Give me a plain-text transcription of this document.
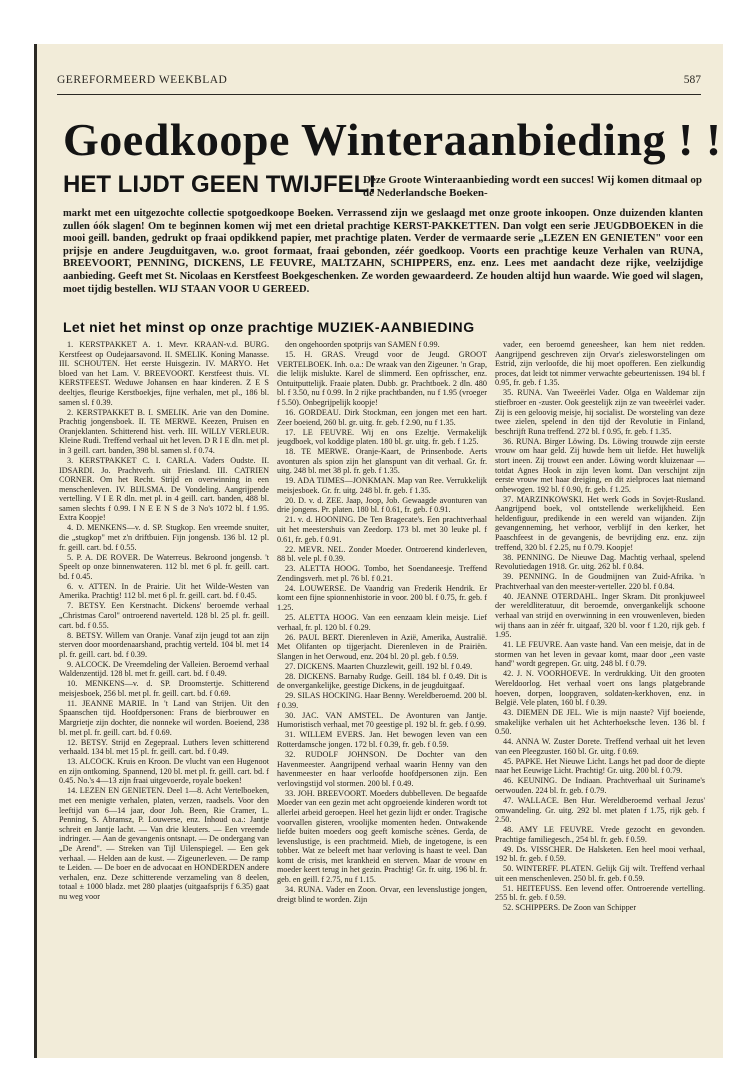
GEREFORMEERD WEEKBLAD	587
Goedkoope Winteraanbieding ! !
HET LIJDT GEEN TWIJFEL!
Deze Groote Winteraanbieding wordt een succes! Wij komen ditmaal op de Nederlandsche Boeken-

markt met een uitgezochte collectie spotgoedkoope Boeken. Verrassend zijn we geslaagd met onze groote inkoopen. Onze duizenden klanten zullen óók slagen! Om te beginnen komen wij met een drietal prachtige KERST-PAKKETTEN. Dan volgt een serie JEUGDBOEKEN in die mooi geill. banden, gedrukt op fraai opdikkend papier, met prachtige platen. Verder de vermaarde serie „LEZEN EN GENIETEN" voor een prijsje en andere Jeugduitgaven, w.o. groot formaat, fraai gebonden, zéér goedkoop. Voorts een prachtige keuze Verhalen van RUNA, BREEVOORT, PENNING, DICKENS, LE FEUVRE, MALTZAHN, SCHIPPERS, enz. enz. Lees met aandacht deze rijke, veelzijdige aanbieding. Geeft met St. Nicolaas en Kerstfeest Boekgeschenken. Ze worden gewaardeerd. Ze houden altijd hun waarde. Wie goed wil slagen, moet tijdig bestellen. WIJ STAAN VOOR U GEREED.

Let niet het minst op onze prachtige MUZIEK-AANBIEDING

1. KERSTPAKKET A. 1. Mevr. KRAAN-v.d. BURG. Kerstfeest op Oudejaarsavond. II. SMELIK. Koning Manasse. III. SCHOUTEN. Het eerste Huisgezin. IV. MARYO. Het bloed van het Lam. V. BREEVOORT. Kerstfeest thuis. VI. KERSTFEEST. Weduwe Johansen en haar kinderen. Z E S deeltjes, fleurige Kerstboekjes, fijne verhalen, met pl., 186 bl. samen sl. f 0.39.

2. KERSTPAKKET B. I. SMELIK. Arie van den Domine. Prachtig jongensboek. II. TE MERWE. Keezen, Pruisen en Oranjeklanten. Schitterend hist. verh. III. WILLY VERLEUR. Kleine Rudi. Treffend verhaal uit het leven. D R I E dln. met pl. in 3 geill. cart. banden, 398 bl. samen sl. f 0.74.

3. KERSTPAKKET C. I. CARLA. Vaders Oudste. II. IDSARDI. Jo. Prachtverh. uit Friesland. III. CATRIEN CORNER. Om het Recht. Strijd en overwinning in een menschenleven. IV. BIJLSMA. De Vondeling. Aangrijpende vertelling. V I E R dln. met pl. in 4 geill. cart. banden, 488 bl. samen slechts f 0.99. I N E E N S de 3 No's 1072 bl. f 1.95. Extra Koopje!

4. D. MENKENS—v. d. SP. Stugkop. Een vreemde snuiter, die „stugkop" met z'n driftbuien. Fijn jongensb. 136 bl. 12 pl. fr. geill. cart. bd. f 0.55.

5. P. A. DE ROVER. De Waterreus. Bekroond jongensb. 't Speelt op onze binnenwateren. 112 bl. met 6 pl. fr. geill. cart. bd. f 0.45.

6. v. ATTEN. In de Prairie. Uit het Wilde-Westen van Amerika. Prachtig! 112 bl. met 6 pl. fr. geill. cart. bd. f 0.45.

7. BETSY. Een Kerstnacht. Dickens' beroemde verhaal „Christmas Carol" ontroerend naverteld. 128 bl. 25 pl. fr. geill. cart. bd. f 0.55.

8. BETSY. Willem van Oranje. Vanaf zijn jeugd tot aan zijn sterven door moordenaarshand, prachtig verteld. 104 bl. met 14 pl. fr. geill. cart. bd. f 0.39.

9. ALCOCK. De Vreemdeling der Valleien. Beroemd verhaal Waldenzentijd. 128 bl. met fr. geill. cart. bd. f 0.49.

10. MENKENS—v. d. SP. Droomstertje. Schitterend meisjesboek, 256 bl. met pl. fr. geill. cart. bd. f 0.69.

11. JEANNE MARIE. In 't Land van Strijen. Uit den Spaanschen tijd. Hoofdpersonen: Frans de bierbrouwer en Margrietje zijn dochter, die nonneke wil worden. Boeiend, 238 bl. met pl. fr. geill. cart. bd. f 0.69.

12. BETSY. Strijd en Zegepraal. Luthers leven schitterend verhaald. 134 bl. met 15 pl. fr. geill. cart. bd. f 0.49.

13. ALCOCK. Kruis en Kroon. De vlucht van een Hugenoot en zijn ontkoming. Spannend, 120 bl. met pl. fr. geill. cart. bd. f 0.45. No.'s 4—13 zijn fraai uitgevoerde, royale boeken!

14. LEZEN EN GENIETEN. Deel 1—8. Acht Vertelboeken, met een menigte verhalen, platen, verzen, raadsels. Voor den leeftijd van 6—14 jaar, door Joh. Been, Rie Cramer, L. Penning, S. Abramsz, P. Louwerse, enz. Inhoud o.a.: Jantje schreit en Jantje lacht. — Van drie kleuters. — Een vreemde indringer. — Aan de gevangenis ontsnapt. — De ondergang van „De Arend". — Streken van Tijl Uilenspiegel. — Een gek verhaal. — Helden aan de kust. — Zigeunerleven. — De ramp te Leiden. — De boer en de advocaat en HONDERDEN andere verhalen, enz. Deze schitterende verzameling van 8 deelen, totaal ± 1000 bladz. met 280 plaatjes (uitgaafsprijs f 6.35) gaat nu weg voor

den ongehoorden spotprijs van SAMEN f 0.99.

15. H. GRAS. Vreugd voor de Jeugd. GROOT VERTELBOEK. Inh. o.a.: De wraak van den Zigeuner. 'n Grap, die lelijk mislukte. Karel de slimmerd. Een opfrisscher, enz. Ontuitputtelijk. Fraaie platen. Dubb. gr. Prachtboek. 2 dln. 480 bl. f 3.50, nu f 0.99. In 2 rijke prachtbanden, nu f 1.95 (vroeger f 5.50). Onbegrijpelijk koopje!

16. GORDEAU. Dirk Stockman, een jongen met een hart. Zeer boeiend, 260 bl. gr. uitg. fr. geb. f 2.90, nu f 1.35.

17. LE FEUVRE. Wij en ons Ezeltje. Vermakelijk jeugdboek, vol koddige platen. 180 bl. gr. uitg. fr. geb. f 1.25.

18. TE MERWE. Oranje-Kaart, de Prinsenbode. Aerts avonturen als spion zijn het glanspunt van dit verhaal. Gr. fr. uitg. 248 bl. met 38 pl. fr. geb. f 1.35.

19. ADA TIJMES—JONKMAN. Map van Ree. Verrukkelijk meisjesboek. Gr. fr. uitg. 248 bl. fr. geb. f 1.35.

20. D. v. d. ZEE. Jaap, Joop, Job. Gewaagde avonturen van drie jongens. Pr. platen. 180 bl. f 0.61, fr. geb. f 0.91.

21. v. d. HOONING. De Ten Bragecate's. Een prachtverhaal uit het meestershuis van Zeedorp. 173 bl. met 30 leuke pl. f 0.61, fr. geb. f 0.91.

22. MEVR. NEL. Zonder Moeder. Ontroerend kinderleven, 88 bl. vele pl. f 0.39.

23. ALETTA HOOG. Tombo, het Soendaneesje. Treffend Zendingsverh. met pl. 76 bl. f 0.21.

24. LOUWERSE. De Vaandrig van Frederik Hendrik. Er komt een fijne spionnenhistorie in voor. 200 bl. f 0.75, fr. geb. f 1.25.

25. ALETTA HOOG. Van een eenzaam klein meisje. Lief verhaal, fr. pl. 120 bl. f 0.29.

26. PAUL BERT. Dierenleven in Azië, Amerika, Australië. Met Olifanten op tijgerjacht. Dierenleven in de Prairiën. Slangen in het Oerwoud, enz. 204 bl. 20 pl. geb. f 0.59.

27. DICKENS. Maarten Chuzzlewit, geill. 192 bl. f 0.49.

28. DICKENS. Barnaby Rudge. Geill. 184 bl. f 0.49. Dit is de onvergankelijke, geestige Dickens, in de jeugduitgaaf.

29. SILAS HOCKING. Haar Benny. Wereldberoemd. 200 bl. f 0.39.

30. JAC. VAN AMSTEL. De Avonturen van Jantje. Humoristisch verhaal, met 70 geestige pl. 192 bl. fr. geb. f 0.99.

31. WILLEM EVERS. Jan. Het bewogen leven van een Rotterdamsche jongen. 172 bl. f 0.39, fr. geb. f 0.59.

32. RUDOLF JOHNSON. De Dochter van den Havenmeester. Aangrijpend verhaal waarin Henny van den havenmeester en haar verloofde hoofdpersonen zijn. Een verlovingstijd vol stormen. 200 bl. f 0.49.

33. JOH. BREEVOORT. Moeders dubbelleven. De begaafde Moeder van een gezin met acht opgroeiende kinderen wordt tot allerlei arbeid geroepen. Heel het gezin lijdt er onder. Tragische voorvallen gisteren, vroolijke momenten heden. Ontwakende liefde buiten moeders oog geeft komische scènes. Gerda, de levenslustige, is een prachtmeid. Mieb, de ingetogene, is een tobber. Wat ze beleeft met haar verloving is haast te veel. Dan komt de crisis, met krankheid en sterven. Maar de vrouw en moeder keert terug in het gezin. Prachtig! Gr. fr. uitg. 196 bl. fr. geb. en geill. f 2.75, nu f 1.15.

34. RUNA. Vader en Zoon. Orvar, een levenslustige jongen, dreigt blind te worden. Zijn

vader, een beroemd geneesheer, kan hem niet redden. Aangrijpend geschreven zijn Orvar's zielesworstelingen om Estrid, zijn verloofde, die hij moet opofferen. Een zielkundig proces, dat leidt tot nimmer verwachte gebeurtenissen. 194 bl. f 0.95, fr. geb. f 1.35.

35. RUNA. Van Tweeërlei Vader. Olga en Waldemar zijn stiefbroer en -zuster. Ook geestelijk zijn ze van tweeërlei vader. Zij is een geloovig meisje, hij socialist. De worsteling van deze twee zielen, spelend in den tijd der Revolutie in Finland, beschrijft Runa treffend. 272 bl. f 0.95, fr. geb. f 1.35.

36. RUNA. Birger Löwing. Ds. Löwing trouwde zijn eerste vrouw om haar geld. Zij huwde hem uit liefde. Het huwelijk stort ineen. Zij trouwt een ander. Löwing wordt kluizenaar — totdat Agnes Hook in zijn leven komt. Dan verschijnt zijn eerste vrouw met haar dreiging, en dit zielproces laat niemand onbewogen. 192 bl. f 0.90, fr. geb. f 1.25.

37. MARZINKOWSKI. Het werk Gods in Sovjet-Rusland. Aangrijpend boek, vol ontstellende werkelijkheid. Een heldenfiguur, predikende in een wereld van wijanden. Zijn gevangenneming, het verhoor, verblijf in den kerker, het Paaschfeest in de gevangenis, de bevrijding enz. enz. zijn treffend, 320 bl. f 2.25, nu f 0.79. Koopje!

38. PENNING. De Nieuwe Dag. Machtig verhaal, spelend Revolutiedagen 1918. Gr. uitg. 262 bl. f 0.84.

39. PENNING. In de Goudmijnen van Zuid-Afrika. 'n Prachtverhaal van den meester-verteller. 220 bl. f 0.84.

40. JEANNE OTERDAHL. Inger Skram. Dit pronkjuweel der wereldliteratuur, dit beroemde, onvergankelijk schoone verhaal van strijd en overwinning in een vrouwenleven, bieden wij thans aan in zéér fr. uitgaaf, 320 bl. voor f 1.20, rijk geb. f 1.95.

41. LE FEUVRE. Aan vaste hand. Van een meisje, dat in de stormen van het leven in gevaar komt, maar door „een vaste hand" wordt gegrepen. Gr. uitg. 248 bl. f 0.79.

42. J. N. VOORHOEVE. In verdrukking. Uit den grooten Wereldoorlog. Het verhaal voert ons langs platgebrande hoeven, dorpen, loopgraven, soldaten-kerkhoven, enz. in België. Vele platen, 160 bl. f 0.39.

43. DIEMEN DE JEL. Wie is mijn naaste? Vijf boeiende, smakelijke verhalen uit het Achterhoeksche leven. 136 bl. f 0.50.

44. ANNA W. Zuster Dorete. Treffend verhaal uit het leven van een Pleegzuster. 160 bl. Gr. uitg. f 0.69.

45. PAPKE. Het Nieuwe Licht. Langs het pad door de diepte naar het Eeuwige Licht. Prachtig! Gr. uitg. 200 bl. f 0.79.

46. KEUNING. De Indiaan. Prachtverhaal uit Suriname's oerwouden. 224 bl. fr. geb. f 0.79.

47. WALLACE. Ben Hur. Wereldberoemd verhaal Jezus' omwandeling. Gr. uitg. 292 bl. met platen f 1.75, rijk geb. f 2.50.

48. AMY LE FEUVRE. Vrede gezocht en gevonden. Prachtige familiegesch., 254 bl. fr. geb. f 0.59.

49. Ds. VISSCHER. De Halsketen. Een heel mooi verhaal, 192 bl. fr. geb. f 0.59.

50. WINTERFF. PLATEN. Gelijk Gij wilt. Treffend verhaal uit een menschenleven. 250 bl. fr. geb. f 0.59.

51. HEITEFUSS. Een levend offer. Ontroerende vertelling. 255 bl. fr. geb. f 0.59.

52. SCHIPPERS. De Zoon van Schipper
